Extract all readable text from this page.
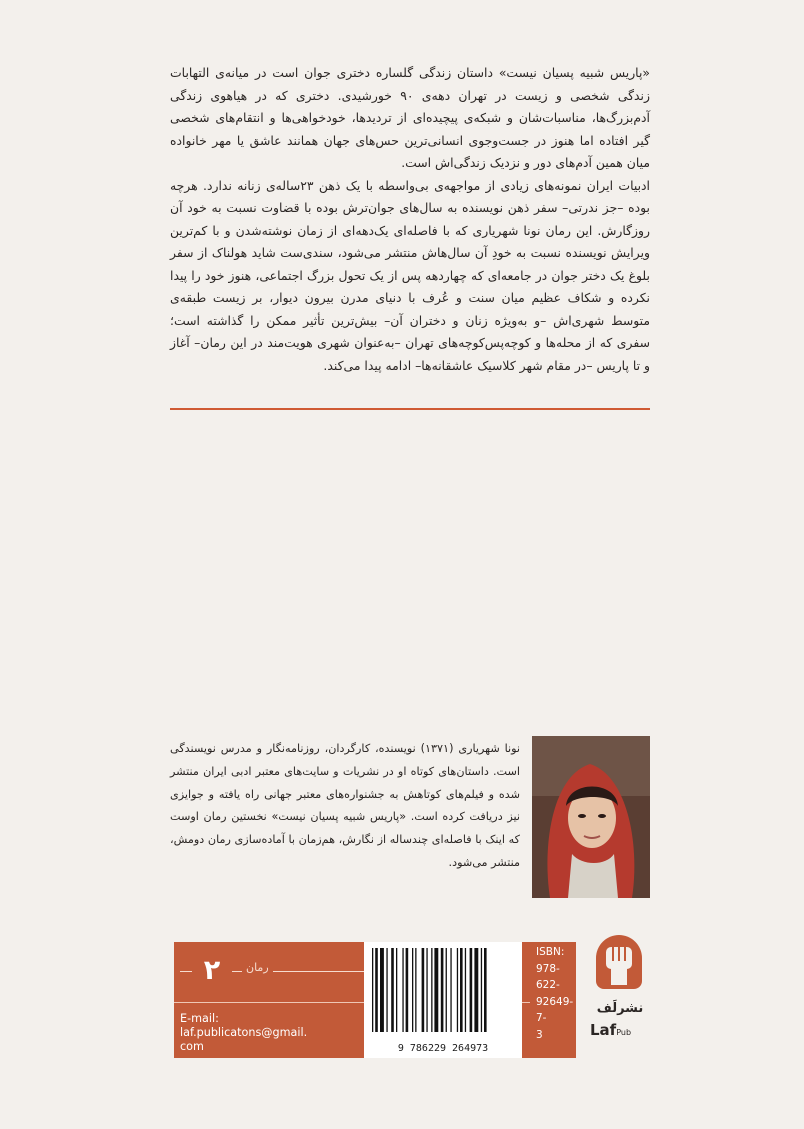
«پاریس شبیه پسیان نیست» داستان زندگی گلساره دختری جوان است در میانه‌ی التهابات زندگی شخصی و زیست در تهران دهه‌ی ۹۰ خورشیدی. دختری که در هیاهوی زندگی آدم‌بزرگ‌ها، مناسبات‌شان و شبکه‌ی پیچیده‌ای از تردیدها، خودخواهی‌ها و انتقام‌های شخصی گیر افتاده اما هنوز در جست‌وجوی انسانی‌ترین حس‌های جهان همانند عاشق یا مهر خانواده میان همین آدم‌های دور و نزدیک زندگی‌اش است.

ادبیات ایران نمونه‌های زیادی از مواجهه‌ی بی‌واسطه با یک ذهن ۲۳ساله‌ی زنانه ندارد. هرچه بوده –جز ندرتی– سفر ذهن نویسنده به سال‌های جوان‌ترش بوده با قضاوت نسبت به خود آن روزگارش. این رمان نونا شهریاری که با فاصله‌ای یک‌دهه‌ای از زمان نوشته‌شدن و با کم‌ترین ویرایش نویسنده نسبت به خودِ آن سال‌هاش منتشر می‌شود، سندی‌ست شاید هولناک از سفر بلوغ یک دختر جوان در جامعه‌ای که چهاردهه پس از یک تحول بزرگ اجتماعی، هنوز خود را پیدا نکرده و شکاف عظیم میان سنت و عُرف با دنیای مدرن بیرون دیوار، بر زیست طبقه‌ی متوسط شهری‌اش –و به‌ویژه زنان و دختران آن– بیش‌ترین تأثیر ممکن را گذاشته است؛ سفری که از محله‌ها و کوچه‌پس‌کوچه‌های تهران –به‌عنوان شهری هویت‌مند در این رمان– آغاز و تا پاریس –در مقام شهر کلاسیک عاشقانه‌ها– ادامه پیدا می‌کند.

نونا شهریاری (۱۳۷۱) نویسنده، کارگردان، روزنامه‌نگار و مدرس نویسندگی است. داستان‌های کوتاه او در نشریات و سایت‌های معتبر ادبی ایران منتشر شده و فیلم‌های کوتاهش به جشنواره‌های معتبر جهانی راه یافته و جوایزی نیز دریافت کرده است. «پاریس شبیه پسیان نیست» نخستین رمان اوست که اینک با فاصله‌ای چندساله از نگارش، هم‌زمان با آماده‌سازی رمان دومش، منتشر می‌شود.
۲	رمان
E-mail:
laf.publicatons@gmail.
com	9 786229 264973
ISBN:
978-
622-
92649-
7-
3
نشرلَف
LafPub
